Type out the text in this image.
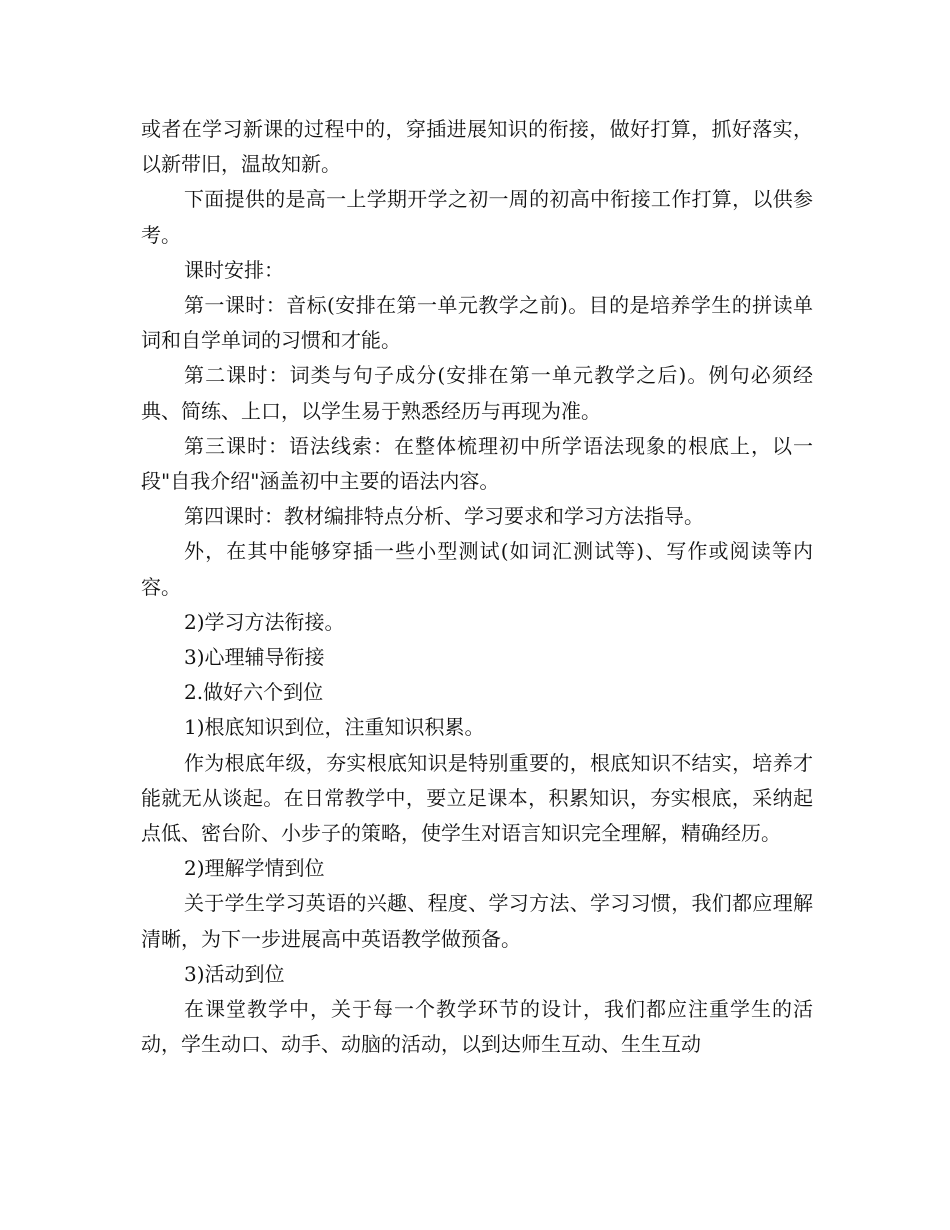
或者在学习新课的过程中的，穿插进展知识的衔接，做好打算，抓好落实，以新带旧，温故知新。

下面提供的是高一上学期开学之初一周的初高中衔接工作打算，以供参考。

课时安排：

第一课时：音标(安排在第一单元教学之前)。目的是培养学生的拼读单词和自学单词的习惯和才能。

第二课时：词类与句子成分(安排在第一单元教学之后)。例句必须经典、简练、上口，以学生易于熟悉经历与再现为准。

第三课时：语法线索：在整体梳理初中所学语法现象的根底上，以一段"自我介绍"涵盖初中主要的语法内容。

第四课时：教材编排特点分析、学习要求和学习方法指导。

外，在其中能够穿插一些小型测试(如词汇测试等)、写作或阅读等内容。

2)学习方法衔接。

3)心理辅导衔接

2.做好六个到位

1)根底知识到位，注重知识积累。

作为根底年级，夯实根底知识是特别重要的，根底知识不结实，培养才能就无从谈起。在日常教学中，要立足课本，积累知识，夯实根底，采纳起点低、密台阶、小步子的策略，使学生对语言知识完全理解，精确经历。

2)理解学情到位

关于学生学习英语的兴趣、程度、学习方法、学习习惯，我们都应理解清晰，为下一步进展高中英语教学做预备。

3)活动到位

在课堂教学中，关于每一个教学环节的设计，我们都应注重学生的活动，学生动口、动手、动脑的活动，以到达师生互动、生生互动
